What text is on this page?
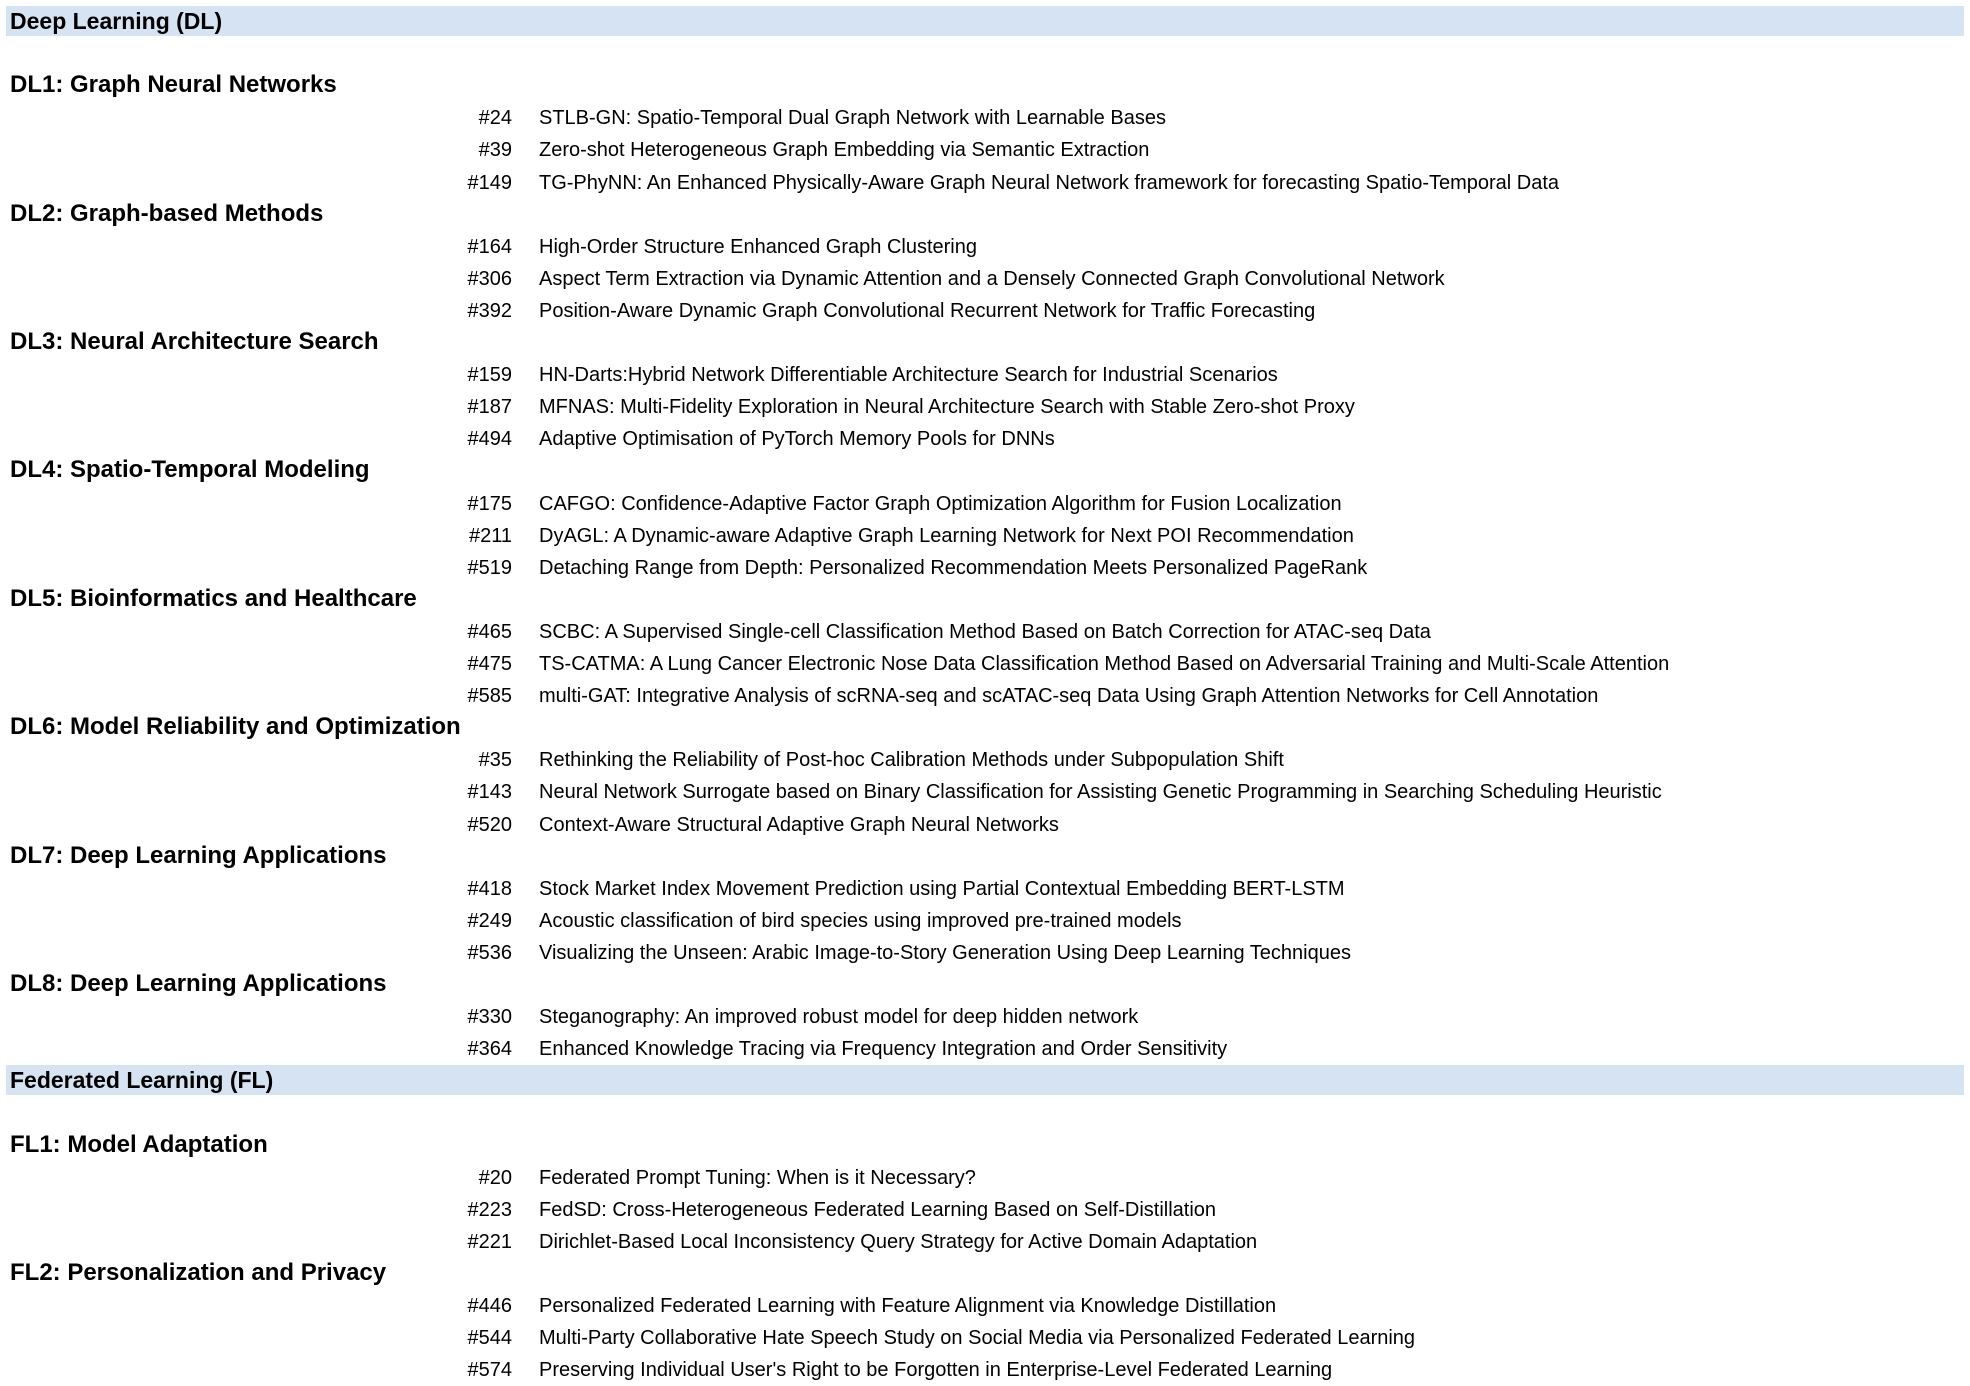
Deep Learning (DL)
DL1: Graph Neural Networks
#24 STLB-GN: Spatio-Temporal Dual Graph Network with Learnable Bases
#39 Zero-shot Heterogeneous Graph Embedding via Semantic Extraction
#149 TG-PhyNN: An Enhanced Physically-Aware Graph Neural Network framework for forecasting Spatio-Temporal Data
DL2: Graph-based Methods
#164 High-Order Structure Enhanced Graph Clustering
#306 Aspect Term Extraction via Dynamic Attention and a Densely Connected Graph Convolutional Network
#392 Position-Aware Dynamic Graph Convolutional Recurrent Network for Traffic Forecasting
DL3: Neural Architecture Search
#159 HN-Darts:Hybrid Network Differentiable Architecture Search for Industrial Scenarios
#187 MFNAS: Multi-Fidelity Exploration in Neural Architecture Search with Stable Zero-shot Proxy
#494 Adaptive Optimisation of PyTorch Memory Pools for DNNs
DL4: Spatio-Temporal Modeling
#175 CAFGO: Confidence-Adaptive Factor Graph Optimization Algorithm for Fusion Localization
#211 DyAGL: A Dynamic-aware Adaptive Graph Learning Network for Next POI Recommendation
#519 Detaching Range from Depth: Personalized Recommendation Meets Personalized PageRank
DL5: Bioinformatics and Healthcare
#465 SCBC: A Supervised Single-cell Classification Method Based on Batch Correction for ATAC-seq Data
#475 TS-CATMA: A Lung Cancer Electronic Nose Data Classification Method Based on Adversarial Training and Multi-Scale Attention
#585 multi-GAT: Integrative Analysis of scRNA-seq and scATAC-seq Data Using Graph Attention Networks for Cell Annotation
DL6: Model Reliability and Optimization
#35 Rethinking the Reliability of Post-hoc Calibration Methods under Subpopulation Shift
#143 Neural Network Surrogate based on Binary Classification for Assisting Genetic Programming in Searching Scheduling Heuristic
#520 Context-Aware Structural Adaptive Graph Neural Networks
DL7: Deep Learning Applications
#418 Stock Market Index Movement Prediction using Partial Contextual Embedding BERT-LSTM
#249 Acoustic classification of bird species using improved pre-trained models
#536 Visualizing the Unseen: Arabic Image-to-Story Generation Using Deep Learning Techniques
DL8: Deep Learning Applications
#330 Steganography: An improved robust model for deep hidden network
#364 Enhanced Knowledge Tracing via Frequency Integration and Order Sensitivity
Federated Learning (FL)
FL1: Model Adaptation
#20 Federated Prompt Tuning: When is it Necessary?
#223 FedSD: Cross-Heterogeneous Federated Learning Based on Self-Distillation
#221 Dirichlet-Based Local Inconsistency Query Strategy for Active Domain Adaptation
FL2: Personalization and Privacy
#446 Personalized Federated Learning with Feature Alignment via Knowledge Distillation
#544 Multi-Party Collaborative Hate Speech Study on Social Media via Personalized Federated Learning
#574 Preserving Individual User's Right to be Forgotten in Enterprise-Level Federated Learning
